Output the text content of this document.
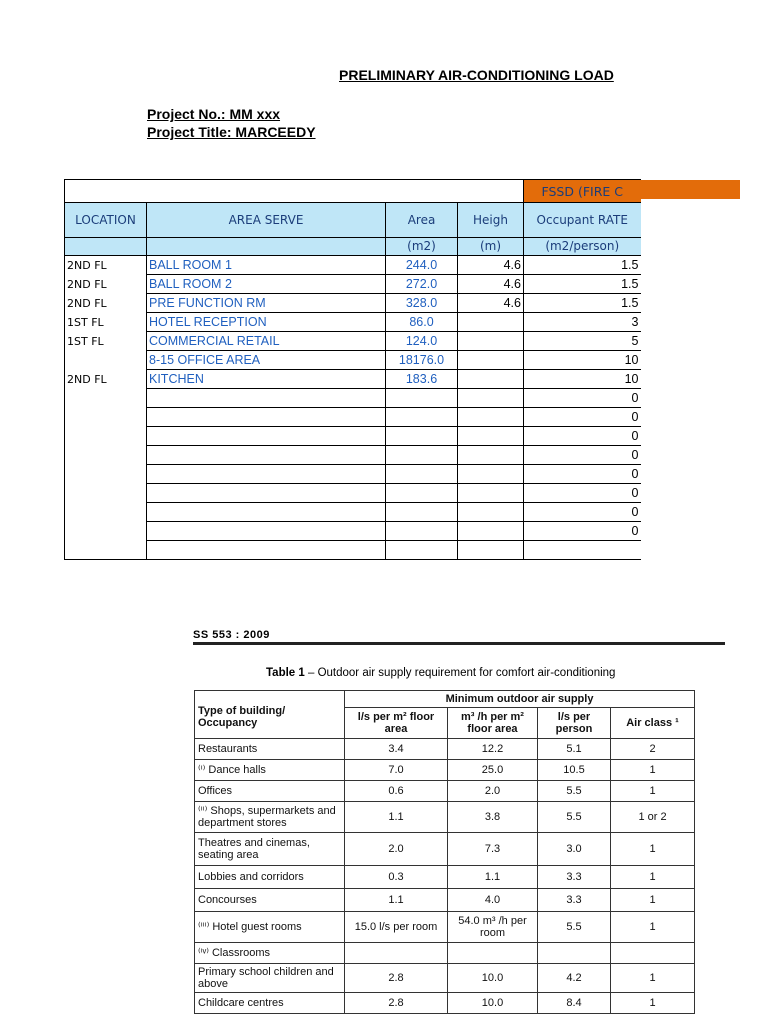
PRELIMINARY AIR-CONDITIONING LOAD
Project No.: MM xxx
Project Title: MARCEEDY
				FSSD (FIRE C
LOCATION	AREA SERVE	Area	Heigh	Occupant RATE
		(m2)	(m)	(m2/person)
2ND FL	BALL ROOM 1	244.0	4.6	1.5
2ND FL	BALL ROOM 2	272.0	4.6	1.5
2ND FL	PRE FUNCTION RM	328.0	4.6	1.5
1ST FL	HOTEL RECEPTION	86.0		3
1ST FL	COMMERCIAL RETAIL	124.0		5
	8-15 OFFICE AREA	18176.0		10
2ND FL	KITCHEN	183.6		10
				0
				0
				0
				0
				0
				0
				0
				0

SS 553 : 2009
Table 1 – Outdoor air supply requirement for comfort air-conditioning
Type of building/ Occupancy	Minimum outdoor air supply			
	l/s per m² floor area	m³ /h per m² floor area	l/s per person	Air class ¹
Restaurants	3.4	12.2	5.1	2
⁽ⁱ⁾ Dance halls	7.0	25.0	10.5	1
Offices	0.6	2.0	5.5	1
⁽ⁱⁱ⁾ Shops, supermarkets and department stores	1.1	3.8	5.5	1 or 2
Theatres and cinemas, seating area	2.0	7.3	3.0	1
Lobbies and corridors	0.3	1.1	3.3	1
Concourses	1.1	4.0	3.3	1
⁽ⁱⁱⁱ⁾ Hotel guest rooms	15.0 l/s per room	54.0 m³ /h per room	5.5	1
⁽ⁱᵛ⁾ Classrooms				
Primary school children and above	2.8	10.0	4.2	1
Childcare centres	2.8	10.0	8.4	1
